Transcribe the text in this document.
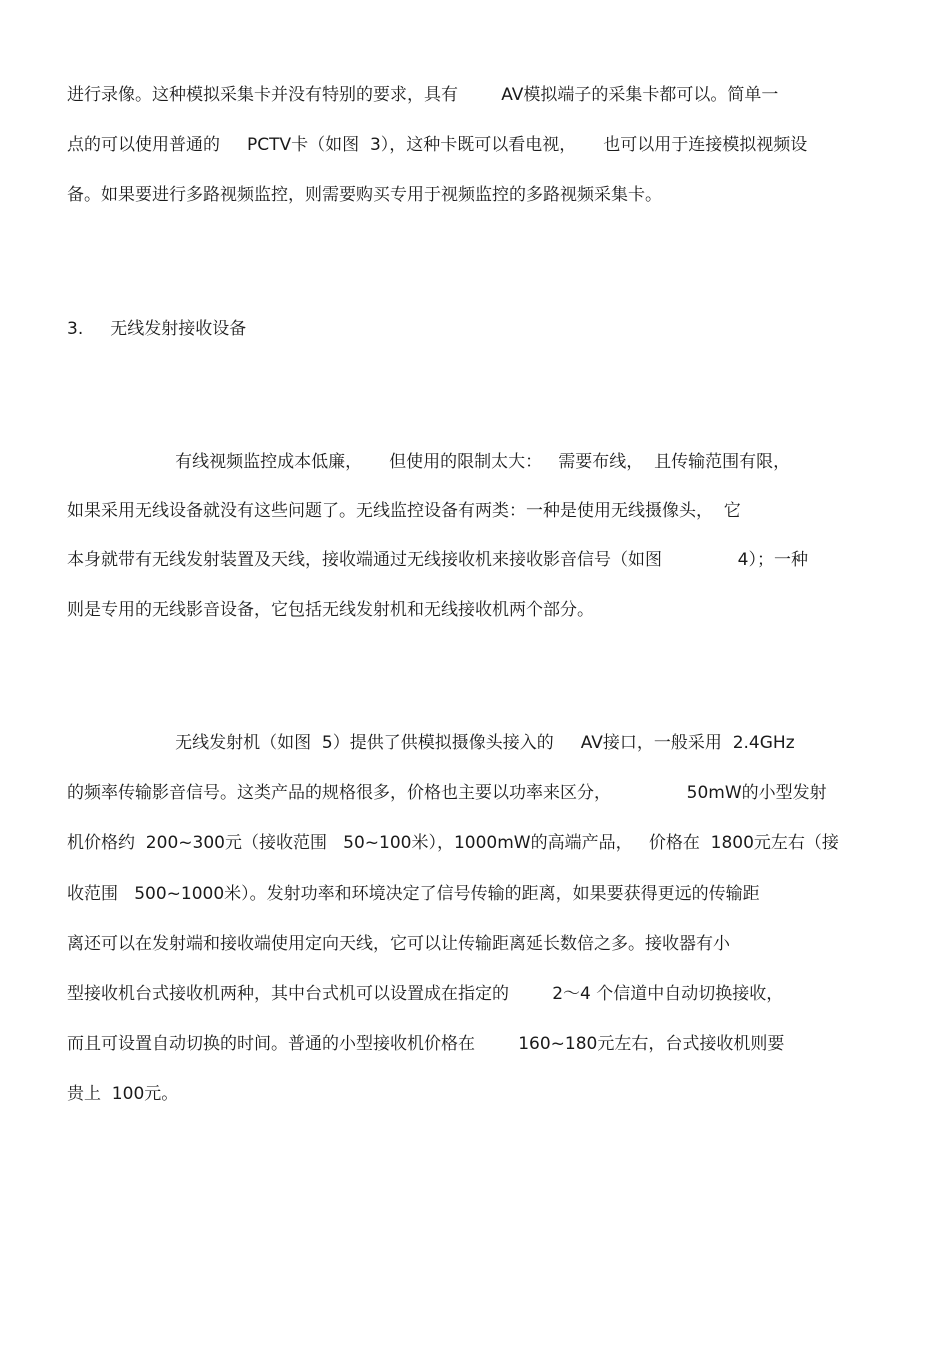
进行录像。这种模拟采集卡并没有特别的要求，具有        AV模拟端子的采集卡都可以。简单一
点的可以使用普通的     PCTV卡（如图  3），这种卡既可以看电视，     也可以用于连接模拟视频设
备。如果要进行多路视频监控，则需要购买专用于视频监控的多路视频采集卡。
3.     无线发射接收设备
有线视频监控成本低廉，     但使用的限制太大：   需要布线，  且传输范围有限，
如果采用无线设备就没有这些问题了。无线监控设备有两类：一种是使用无线摄像头，  它
本身就带有无线发射装置及天线，接收端通过无线接收机来接收影音信号（如图              4）；一种
则是专用的无线影音设备，它包括无线发射机和无线接收机两个部分。
无线发射机（如图  5）提供了供模拟摄像头接入的     AV接口，一般采用  2.4GHz
的频率传输影音信号。这类产品的规格很多，价格也主要以功率来区分，              50mW的小型发射
机价格约  200~300元（接收范围   50~100米），1000mW的高端产品，   价格在  1800元左右（接
收范围   500~1000米）。发射功率和环境决定了信号传输的距离，如果要获得更远的传输距
离还可以在发射端和接收端使用定向天线，它可以让传输距离延长数倍之多。接收器有小
型接收机台式接收机两种，其中台式机可以设置成在指定的        2～4 个信道中自动切换接收，
而且可设置自动切换的时间。普通的小型接收机价格在        160~180元左右，台式接收机则要
贵上  100元。
